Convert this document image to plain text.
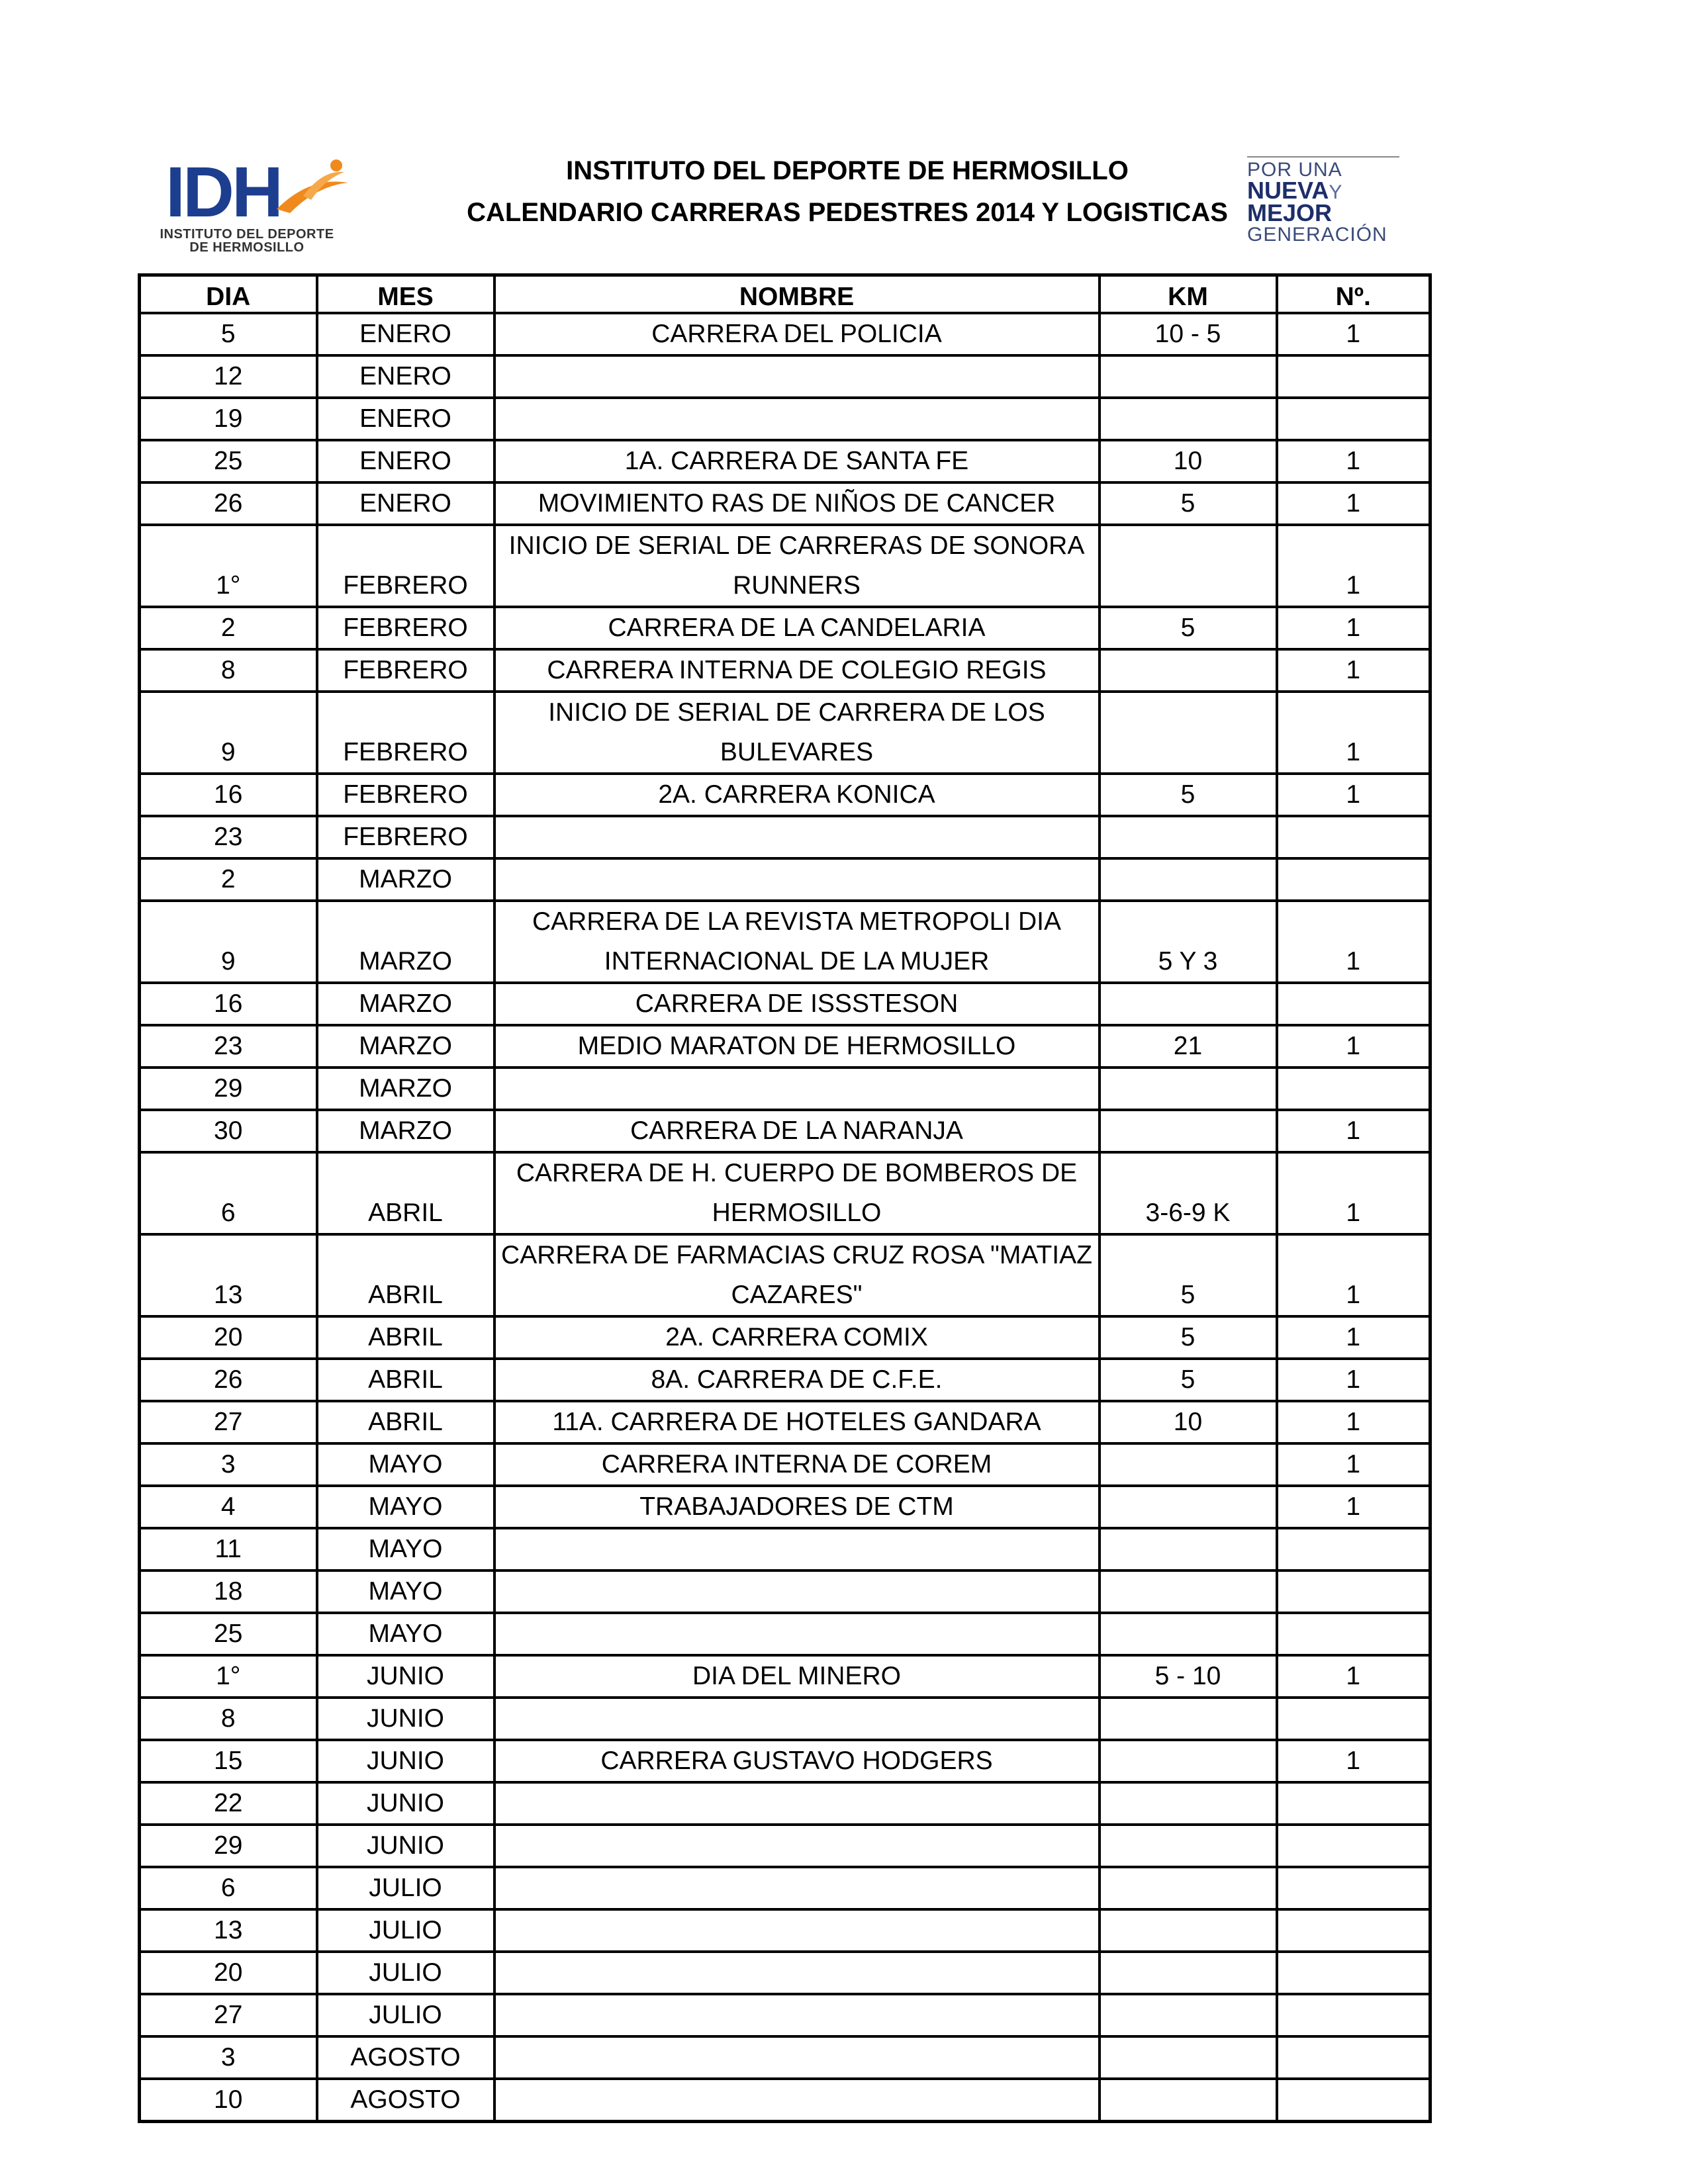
IDH
INSTITUTO DEL DEPORTE
DE HERMOSILLO
INSTITUTO DEL DEPORTE DE HERMOSILLO
CALENDARIO CARRERAS PEDESTRES 2014 Y LOGISTICAS
POR UNA
NUEVAY
MEJOR
GENERACIÓN
DIA	MES	NOMBRE	KM	Nº.
5	ENERO	CARRERA DEL POLICIA	10 - 5	1
12	ENERO			
19	ENERO			
25	ENERO	1A. CARRERA DE SANTA FE	10	1
26	ENERO	MOVIMIENTO RAS DE NIÑOS DE CANCER	5	1
1°	FEBRERO	INICIO DE SERIAL DE CARRERAS DE SONORA RUNNERS		1
2	FEBRERO	CARRERA DE LA CANDELARIA	5	1
8	FEBRERO	CARRERA INTERNA DE COLEGIO REGIS		1
9	FEBRERO	INICIO DE SERIAL DE CARRERA DE LOS BULEVARES		1
16	FEBRERO	2A. CARRERA KONICA	5	1
23	FEBRERO			
2	MARZO			
9	MARZO	CARRERA DE LA REVISTA METROPOLI DIA INTERNACIONAL DE LA MUJER	5 Y 3	1
16	MARZO	CARRERA DE ISSSTESON		
23	MARZO	MEDIO MARATON DE HERMOSILLO	21	1
29	MARZO			
30	MARZO	CARRERA DE LA NARANJA		1
6	ABRIL	CARRERA DE H. CUERPO DE BOMBEROS DE HERMOSILLO	3-6-9 K	1
13	ABRIL	CARRERA DE FARMACIAS CRUZ ROSA "MATIAZ CAZARES"	5	1
20	ABRIL	2A. CARRERA COMIX	5	1
26	ABRIL	8A. CARRERA DE C.F.E.	5	1
27	ABRIL	11A. CARRERA DE HOTELES GANDARA	10	1
3	MAYO	CARRERA INTERNA DE COREM		1
4	MAYO	TRABAJADORES DE CTM		1
11	MAYO			
18	MAYO			
25	MAYO			
1°	JUNIO	DIA DEL MINERO	5 - 10	1
8	JUNIO			
15	JUNIO	CARRERA GUSTAVO HODGERS		1
22	JUNIO			
29	JUNIO			
6	JULIO			
13	JULIO			
20	JULIO			
27	JULIO			
3	AGOSTO			
10	AGOSTO			
